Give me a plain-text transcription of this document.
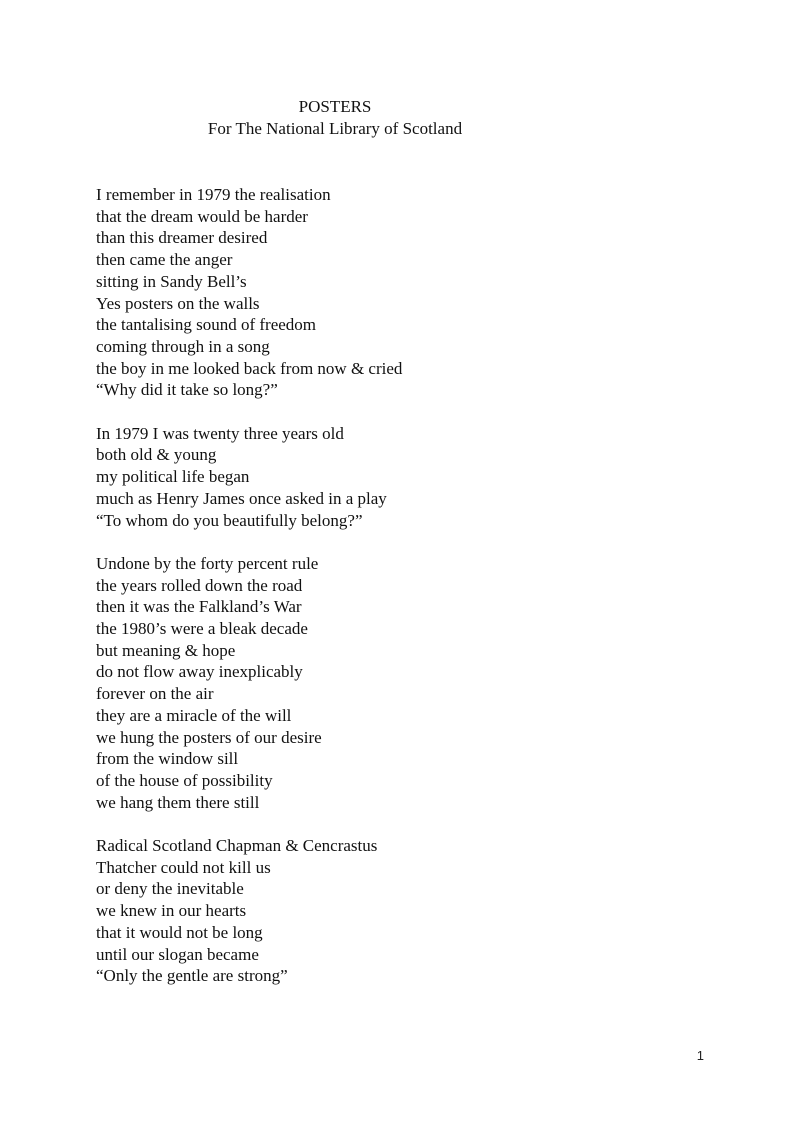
POSTERS
For The National Library of Scotland
I remember in 1979 the realisation
that the dream would be harder
than this dreamer desired
then came the anger
sitting in Sandy Bell’s
Yes posters on the walls
the tantalising sound of freedom
coming through in a song
the boy in me looked back from now & cried
“Why did it take so long?”
In 1979 I was twenty three years old
both old & young
my political life began
much as Henry James once asked in a play
“To whom do you beautifully belong?”
Undone by the forty percent rule
the years rolled down the road
then it was the Falkland’s War
the 1980’s were a bleak decade
but meaning & hope
do not flow away inexplicably
forever on the air
they are a miracle of the will
we hung the posters of our desire
from the window sill
of the house of possibility
we hang them there still
Radical Scotland Chapman & Cencrastus
Thatcher could not kill us
or deny the inevitable
we knew in our hearts
that it would not be long
until our slogan became
“Only the gentle are strong”
1
